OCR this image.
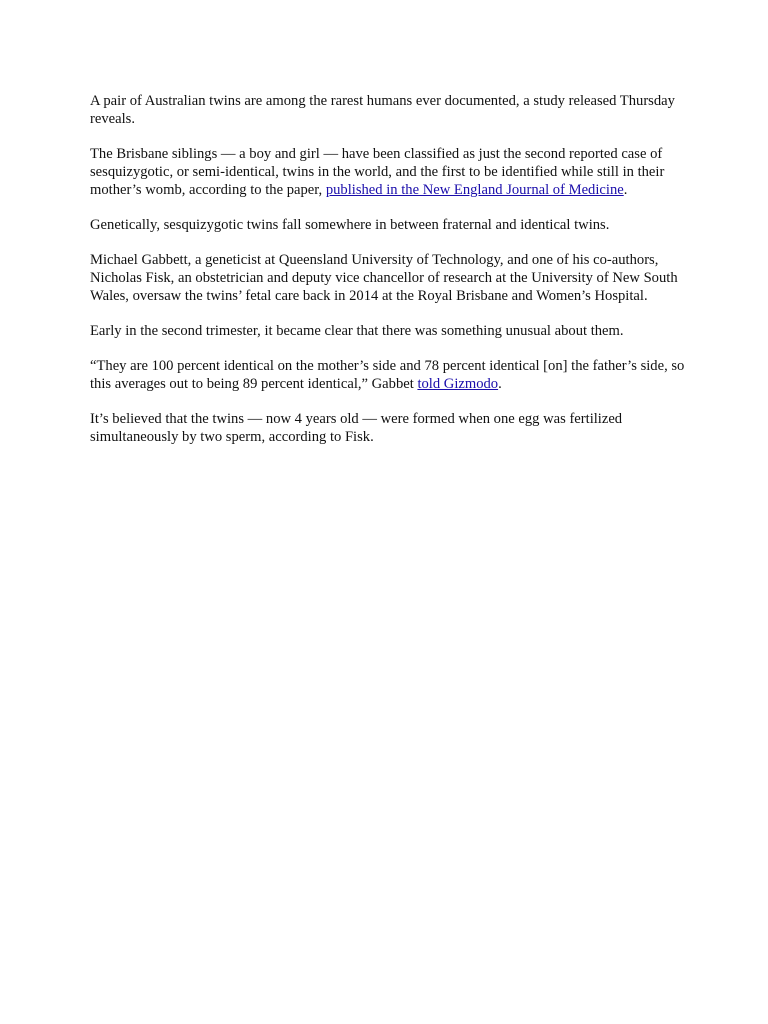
A pair of Australian twins are among the rarest humans ever documented, a study released Thursday reveals.

The Brisbane siblings — a boy and girl — have been classified as just the second reported case of sesquizygotic, or semi-identical, twins in the world, and the first to be identified while still in their mother’s womb, according to the paper, published in the New England Journal of Medicine.

Genetically, sesquizygotic twins fall somewhere in between fraternal and identical twins.

Michael Gabbett, a geneticist at Queensland University of Technology, and one of his co-authors, Nicholas Fisk, an obstetrician and deputy vice chancellor of research at the University of New South Wales, oversaw the twins’ fetal care back in 2014 at the Royal Brisbane and Women’s Hospital.

Early in the second trimester, it became clear that there was something unusual about them.

“They are 100 percent identical on the mother’s side and 78 percent identical [on] the father’s side, so this averages out to being 89 percent identical,” Gabbet told Gizmodo.

It’s believed that the twins — now 4 years old — were formed when one egg was fertilized simultaneously by two sperm, according to Fisk.
